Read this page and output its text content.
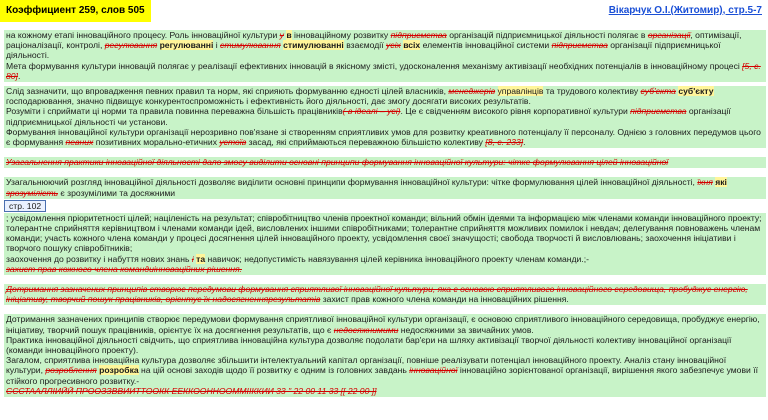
Коэффициент 259, слов 505	Вікарчук О.І.(Житомир), стр.5-7

на кожному етапі інноваційного процесу. Роль інноваційної культури у в інноваційному розвитку підприємства організацій підприємницької діяльності полягає в організації, оптимізації, раціоналізації, контролі, регулювання регулюванні і стимулювання стимулюванні взаємодії усіх всіх елементів інноваційної системи підприємства організації підприємницької діяльності.

Мета формування культури інновацій полягає у реалізації ефективних інновацій в якісному змісті, удосконалення механізму активізації необхідних потенціалів в інноваційному процесі [5, с. 80].

Слід зазначити, що впровадження певних правил та норм, які сприяють формуванню єдності цілей власників, менеджерів управлінців та трудового колективу суб'єкта суб'єкту господарювання, значно підвищує конкурентоспроможність і ефективність його діяльності, дає змогу досягати високих результатів.

Розуміти і сприймати ці норми та правила повинна переважна більшість працівників( в ідеалі – усі). Це є свідченням високого рівня корпоративної культури підприємства організації підприємницької діяльності чи установи.

Формування інноваційної культури організації нерозривно пов'язане зі створенням сприятливих умов для розвитку креативного потенціалу її персоналу. Однією з головних передумов цього є формування певних позитивних морально-етичних устоїв засад, які сприймаються переважною більшістю колективу [8, с. 233].

Узагальнення практики інноваційної діяльності дало змогу виділити основні принципи формування інноваційної культури: чітке формулювання цілей інноваційної

Узагальнюючий розгляд інноваційної діяльності дозволяє виділити основні принципи формування інноваційної культури: чітке формулювання цілей інноваційної діяльності, їхня які зрозумілість є зрозумілими та досяжними

стр. 102

; усвідомлення пріоритетності цілей; націленість на результат; співробітництво членів проектної команди; вільний обмін ідеями та інформацією між членами команди інноваційного проекту; толерантне сприйняття керівництвом і членами команди ідей, висловлених іншими співробітниками; толерантне сприйняття можливих помилок і невдач; делегування повноважень членам команди; участь кожного члена команди у процесі досягнення цілей інноваційного проекту, усвідомлення своєї значущості; свобода творчості й висловлювань; заохочення ініціативи і творчого пошуку співробітників;

заохочення до розвитку і набуття нових знань і та навичок; недопустимість навязування цілей керівника інноваційного проекту членам команди.;-

захист прав кожного члена командиінноваційних рішення.

Дотримання зазначених принципів створює передумови формування сприятливої інноваційної культури, яка є основою сприятливого інноваційного середовища, пробуджує енергію, ініціативу, творчий пошук працівників, орієнтує їх надосягненнярезультатів захист прав кожного члена команди на інноваційних рішення.

Дотримання зазначених принципів створює передумови формування сприятливої інноваційної культури організації, є основою сприятливого інноваційного середовища, пробуджує енергію, ініціативу, творчий пошук працівників, орієнтує їх на досягнення результатів, що є недосяжнимими недосяжними за звичайних умов.

Практика інноваційної діяльності свідчить, що сприятлива інноваційна культура дозволяє подолати бар'єри на шляху активізації творчої діяльності колективу інноваційної організації (команди інноваційного проекту).

Загалом, сприятлива інноваційна культура дозволяє збільшити інтелектуальний капітал організації, повніше реалізувати потенціал інноваційного проекту. Аналіз стану інноваційної культури, розроблення розробка на цій основі заходів щодо її розвитку є одним із головних завдань інноваційної інноваційно зорієнтованої організації, вирішення якого забезпечує умови її стійкого прогресивного розвитку.-

СССТААЛЛІИЙЙ ПРООЗЗВВИИТТООКК ЕЕККООННООММІІККИИ 33 " 22 00 11 33 [[ 22 00 ]]
